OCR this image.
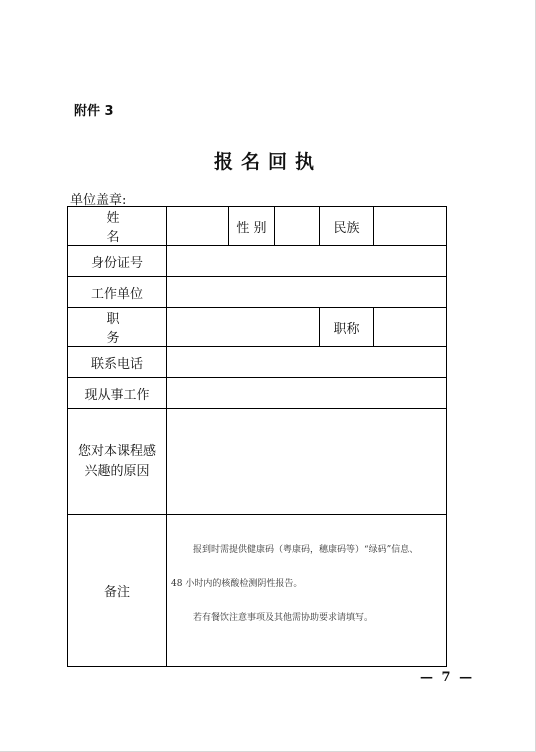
附件 3
报名回执
单位盖章:
姓　名		性 别		民族	
身份证号					
工作单位					
职　务				职称	
联系电话					
现从事工作					
您对本课程感兴趣的原因					
备注	报到时需提供健康码（粤康码，穗康码等）“绿码”信息、

48 小时内的核酸检测阴性报告。

若有餐饮注意事项及其他需协助要求请填写。				

— 7 —
